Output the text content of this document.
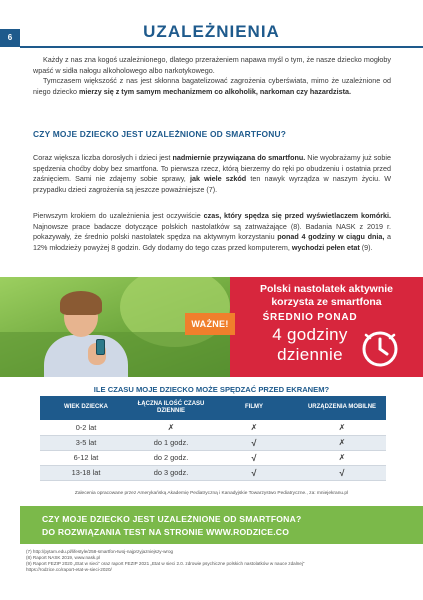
6	UZALEŻNIENIA

Każdy z nas zna kogoś uzależnionego, dlatego przerażeniem napawa myśl o tym, że nasze dziecko mogłoby wpaść w sidła nałogu alkoholowego albo narkotykowego.

Tymczasem większość z nas jest skłonna bagatelizować zagrożenia cyberświata, mimo że uzależnione od niego dziecko mierzy się z tym samym mechanizmem co alkoholik, narkoman czy hazardzista.

CZY MOJE DZIECKO JEST UZALEŻNIONE OD SMARTFONU?

Coraz większa liczba dorosłych i dzieci jest nadmiernie przywiązana do smartfonu. Nie wyobrażamy już sobie spędzenia choćby doby bez smartfona. To pierwsza rzecz, którą bierzemy do ręki po obudzeniu i ostatnia przed zaśnięciem. Sami nie zdajemy sobie sprawy, jak wiele szkód ten nawyk wyrządza w naszym życiu. W przypadku dzieci zagrożenia są jeszcze poważniejsze (7).

Pierwszym krokiem do uzależnienia jest oczywiście czas, który spędza się przed wyświetlaczem komórki. Najnowsze prace badacze dotyczące polskich nastolatków są zatrważające (8). Badania NASK z 2019 r. pokazywały, że średnio polski nastolatek spędza na aktywnym korzystaniu ponad 4 godziny w ciągu dnia, a 12% młodzieży powyżej 8 godzin. Gdy dodamy do tego czas przed komputerem, wychodzi pełen etat (9).

Polski nastolatek aktywnie
korzysta ze smartfona
ŚREDNIO PONAD
4 godziny
dziennie
WAŻNE!
ILE CZASU MOJE DZIECKO MOŻE SPĘDZAĆ PRZED EKRANEM?
WIEK DZIECKA	ŁĄCZNA ILOŚĆ CZASU DZIENNIE	FILMY	URZĄDZENIA MOBILNE
0-2 lat	✗	✗	✗
3-5 lat	do 1 godz.	√	✗
6-12 lat	do 2 godz.	√	✗
13-18 lat	do 3 godz.	√	√
Zalecenia opracowane przez Amerykańską Akademię Pediatryczną i Kanadyjskie Towarzystwo Pediatryczne., za: mniejekranu.pl
CZY MOJE DZIECKO JEST UZALEŻNIONE OD SMARTFONA?
DO ROZWIĄZANIA TEST NA STRONIE WWW.RODZICE.CO
(7) http://pytam.edu.pl/lifestyle/258-smartfon-twoj-najprzyjazniejszy-wrog
(8) Raport NASK 2019, www.nask.pl
(9) Raport FEZIP 2020 „Etat w sieci” oraz raport FEZIP 2021 „Etat w sieci 2.0. zdrowie psychiczne polskich nastolatków w nauce zdalnej”
https://rodzice.co/raport-etat-w-sieci-2020/
